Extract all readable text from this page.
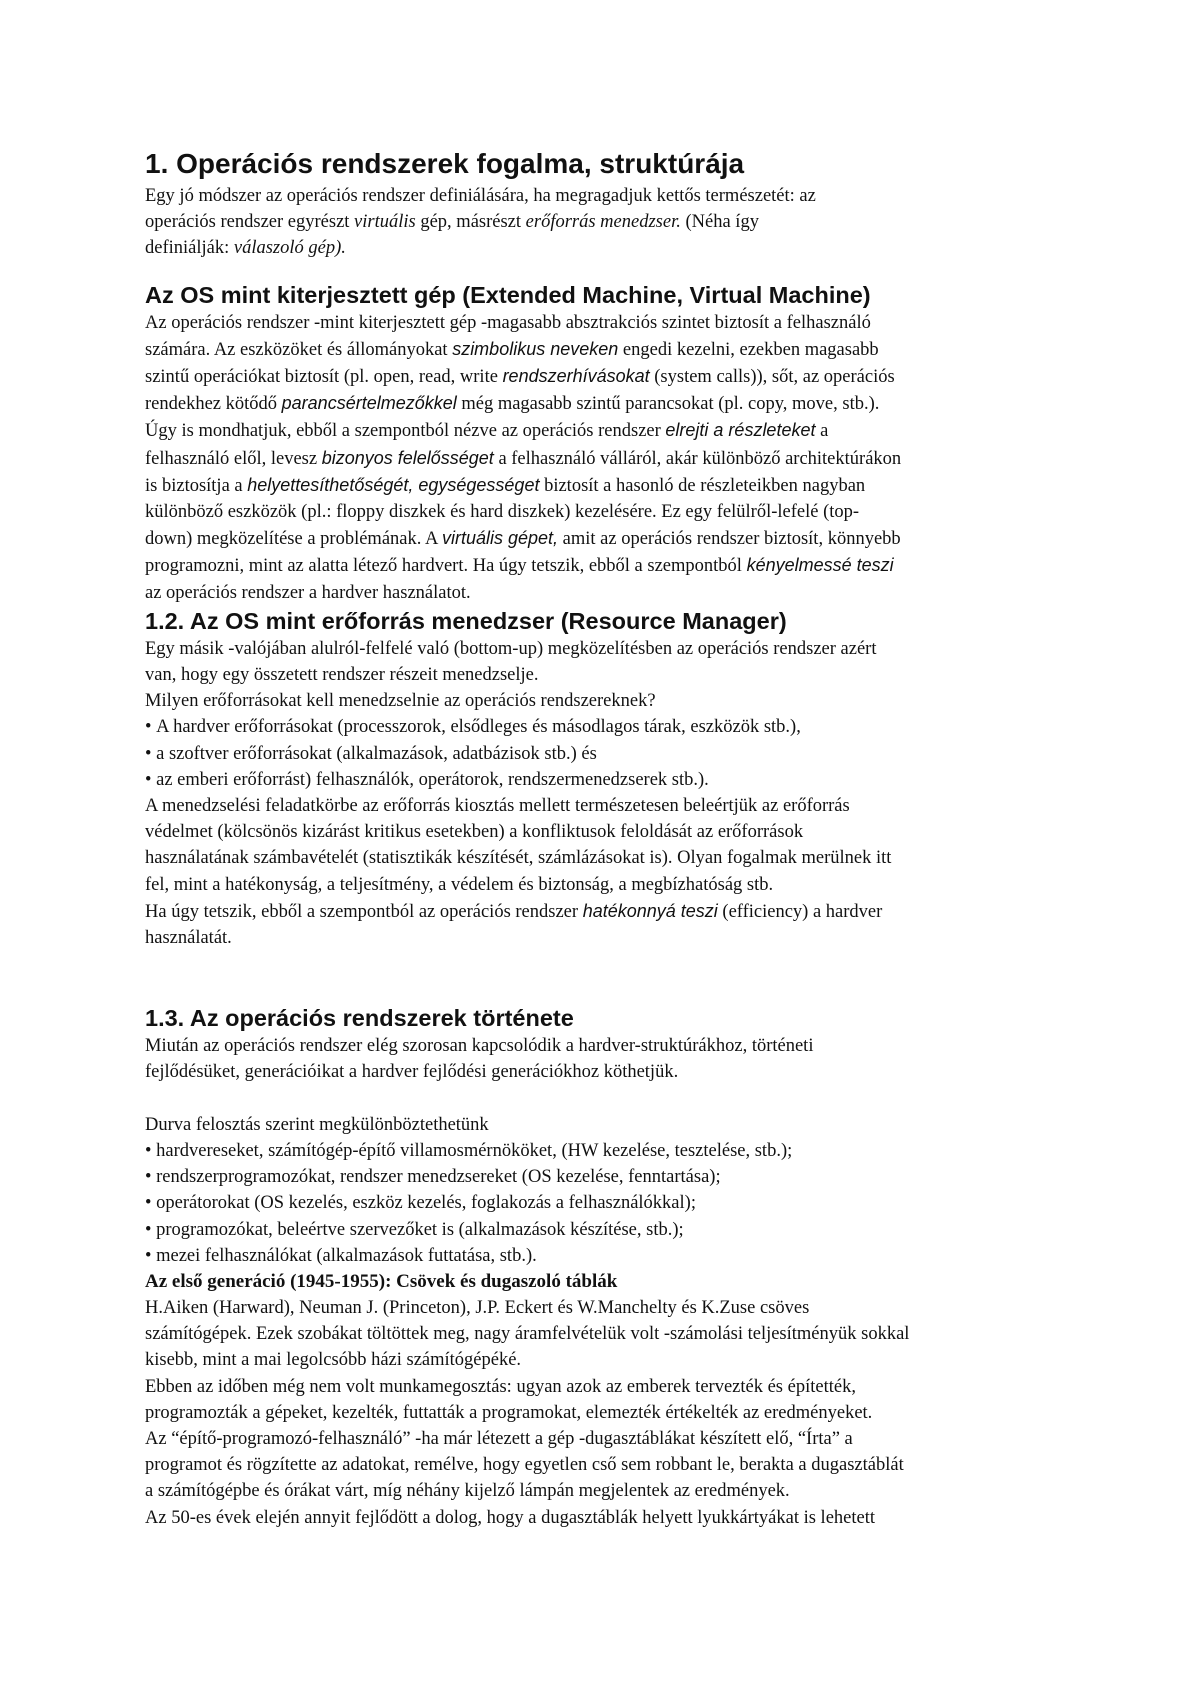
1. Operációs rendszerek fogalma, struktúrája
Egy jó módszer az operációs rendszer definiálására, ha megragadjuk kettős természetét: az
operációs rendszer egyrészt virtuális gép, másrészt erőforrás menedzser. (Néha így
definiálják: válaszoló gép).
Az OS mint kiterjesztett gép (Extended Machine, Virtual Machine)
Az operációs rendszer -mint kiterjesztett gép -magasabb absztrakciós szintet biztosít a felhasználó
számára. Az eszközöket és állományokat szimbolikus neveken engedi kezelni, ezekben magasabb
szintű operációkat biztosít (pl. open, read, write rendszerhívásokat (system calls)), sőt, az operációs
rendekhez kötődő parancsértelmezőkkel még magasabb szintű parancsokat (pl. copy, move, stb.).
Úgy is mondhatjuk, ebből a szempontból nézve az operációs rendszer elrejti a részleteket a
felhasználó elől, levesz bizonyos felelősséget a felhasználó válláról, akár különböző architektúrákon
is biztosítja a helyettesíthetőségét, egységességet biztosít a hasonló de részleteikben nagyban
különböző eszközök (pl.: floppy diszkek és hard diszkek) kezelésére. Ez egy felülről-lefelé (top-
down) megközelítése a problémának. A virtuális gépet, amit az operációs rendszer biztosít, könnyebb
programozni, mint az alatta létező hardvert. Ha úgy tetszik, ebből a szempontból kényelmessé teszi
az operációs rendszer a hardver használatot.
1.2. Az OS mint erőforrás menedzser (Resource Manager)
Egy másik -valójában alulról-felfelé való (bottom-up) megközelítésben az operációs rendszer azért
van, hogy egy összetett rendszer részeit menedzselje.
Milyen erőforrásokat kell menedzselnie az operációs rendszereknek?
• A hardver erőforrásokat (processzorok, elsődleges és másodlagos tárak, eszközök stb.),
• a szoftver erőforrásokat (alkalmazások, adatbázisok stb.) és
• az emberi erőforrást) felhasználók, operátorok, rendszermenedzserek stb.).
A menedzselési feladatkörbe az erőforrás kiosztás mellett természetesen beleértjük az erőforrás
védelmet (kölcsönös kizárást kritikus esetekben) a konfliktusok feloldását az erőforrások
használatának számbavételét (statisztikák készítését, számlázásokat is). Olyan fogalmak merülnek itt
fel, mint a hatékonyság, a teljesítmény, a védelem és biztonság, a megbízhatóság stb.
Ha úgy tetszik, ebből a szempontból az operációs rendszer hatékonnyá teszi (efficiency) a hardver
használatát.
1.3. Az operációs rendszerek története
Miután az operációs rendszer elég szorosan kapcsolódik a hardver-struktúrákhoz, történeti
fejlődésüket, generációikat a hardver fejlődési generációkhoz köthetjük.
Durva felosztás szerint megkülönböztethetünk
• hardvereseket, számítógép-építő villamosmérnököket, (HW kezelése, tesztelése, stb.);
• rendszerprogramozókat, rendszer menedzsereket (OS kezelése, fenntartása);
• operátorokat (OS kezelés, eszköz kezelés, foglakozás a felhasználókkal);
• programozókat, beleértve szervezőket is (alkalmazások készítése, stb.);
• mezei felhasználókat (alkalmazások futtatása, stb.).
Az első generáció (1945-1955): Csövek és dugaszoló táblák
H.Aiken (Harward), Neuman J. (Princeton), J.P. Eckert és W.Manchelty és K.Zuse csöves
számítógépek. Ezek szobákat töltöttek meg, nagy áramfelvételük volt -számolási teljesítményük sokkal
kisebb, mint a mai legolcsóbb házi számítógépéké.
Ebben az időben még nem volt munkamegosztás: ugyan azok az emberek tervezték és építették,
programozták a gépeket, kezelték, futtatták a programokat, elemezték értékelték az eredményeket.
Az “építő-programozó-felhasználó” -ha már létezett a gép -dugasztáblákat készített elő, “Írta” a
programot és rögzítette az adatokat, remélve, hogy egyetlen cső sem robbant le, berakta a dugasztáblát
a számítógépbe és órákat várt, míg néhány kijelző lámpán megjelentek az eredmények.
Az 50-es évek elején annyit fejlődött a dolog, hogy a dugasztáblák helyett lyukkártyákat is lehetett
